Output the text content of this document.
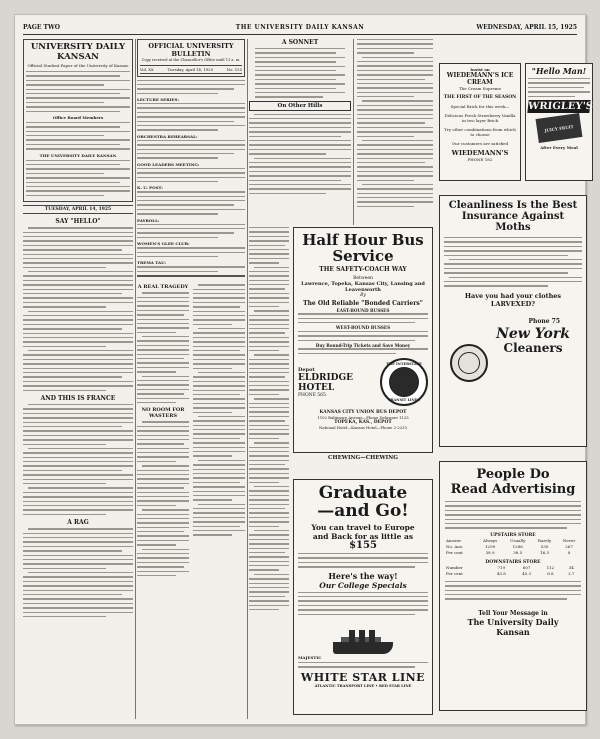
PAGE TWO	THE UNIVERSITY DAILY KANSAN	WEDNESDAY, APRIL 15, 1925
UNIVERSITY DAILY KANSAN
Official Student Paper of the University of Kansas
Office Board Members
THE UNIVERSITY DAILY KANSAN
TUESDAY, APRIL 14, 1925
SAY "HELLO"
AND THIS IS FRANCE
A RAG
OFFICIAL UNIVERSITY BULLETIN
Copy received at the Chancellor's Office until 11 a. m.
Vol. XX	Tuesday, April 14, 1925	No. 155
LECTURE SERIES:
ORCHESTRA REHEARSAL:
GOOD LEADERS MEETING:
K. U. POST:
PAYROLL:
WOMEN'S GLEE CLUB:
TREMA TAU:
A REAL TRAGEDY
NO ROOM FOR WASTERS
A SONNET
On Other Hills
Half Hour Bus
Service
THE SAFETY-COACH WAY
Between
Lawrence, Topeka, Kansas City, Lansing and Leavenworth
By
The Old Reliable "Bonded Carriers"
EAST-BOUND BUSSES
WEST-BOUND BUSSES
Buy Round-Trip Tickets and Save Money
Depot
ELDRIDGE
HOTEL
PHONE 565
THE INTERSTATE
TRANSIT LINES
KANSAS CITY UNION BUS DEPOT
1102 Baltimore Avenue—Phone Delaware 1125
TOPEKA, KAS., DEPOT
National Hotel—Kansas Hotel—Phone 2-2233
CHEWING—CHEWING
Graduate
—and Go!
You can travel to Europe
and Back for as little as $155
Here's the way!
Our College Specials
MAJESTIC
WHITE STAR LINE
ATLANTIC TRANSPORT LINE • RED STAR LINE
Insist on
WIEDEMANN'S ICE CREAM
The Cream Supreme
THE FIRST OF THE SEASON
Special Brick for this week—
Delicious Fresh Strawberry Vanilla in two layer Brick
Try other combinations from which to choose
Our customers are satisfied
WIEDEMANN'S
PHONE 182
"Hello Man!
WRIGLEY'S
JUICY FRUIT
After Every Meal
Cleanliness Is the Best
Insurance Against Moths
Have you had your clothes LARVEXED?
Phone 75
New York
Cleaners
People Do
Read Advertising
UPSTAIRS STORE
Answer	Always	Usually	Rarely	Never
No. Ans.	1299	1286	530	267
Per cent	38.9	38.5	16.5	8
DOWNSTAIRS STORE
Number	719	807	112	34
Per cent	43.8	45.3	6.8	2.7
Tell Your Message in
The University Daily
Kansan
